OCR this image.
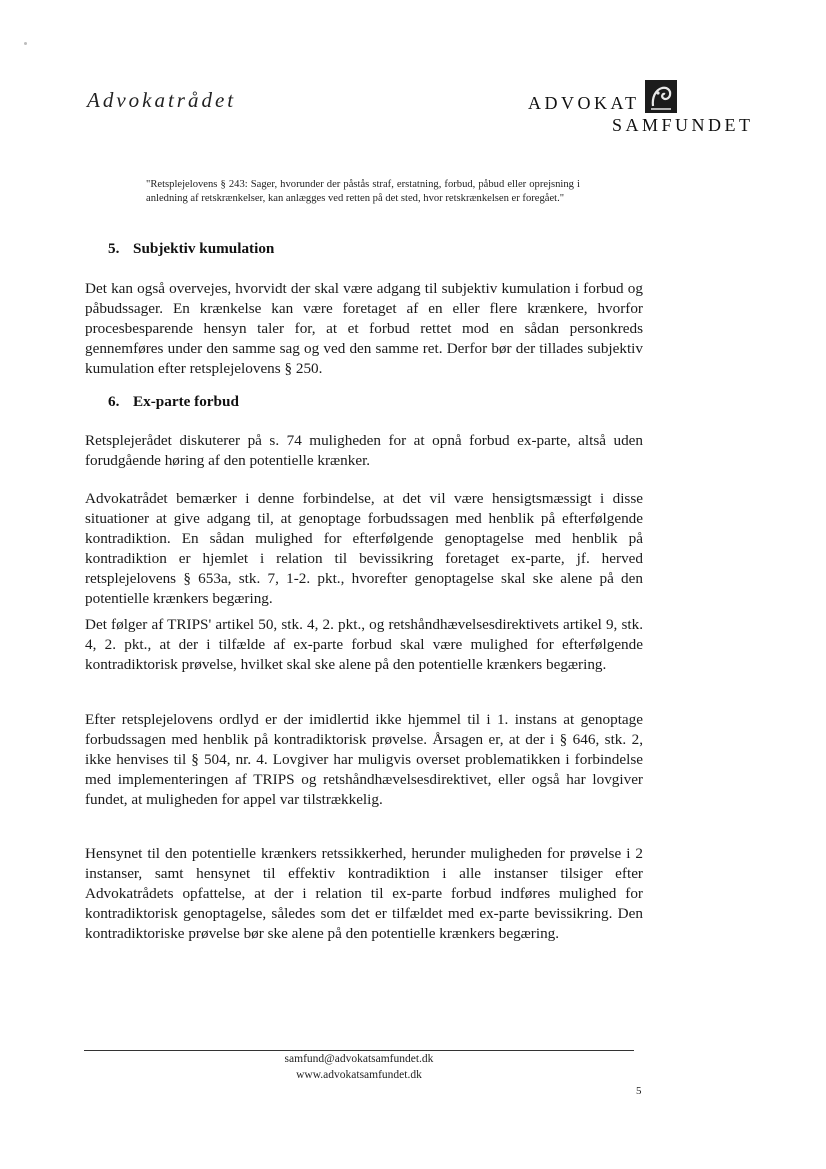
Advokatrådet	ADVOKAT
SAMFUNDET
"Retsplejelovens § 243: Sager, hvorunder der påstås straf, erstatning, forbud, påbud eller oprejsning i anledning af retskrænkelser, kan anlægges ved retten på det sted, hvor retskrænkelsen er foregået."
5. Subjektiv kumulation
Det kan også overvejes, hvorvidt der skal være adgang til subjektiv kumulation i forbud og påbudssager. En krænkelse kan være foretaget af en eller flere krænkere, hvorfor procesbesparende hensyn taler for, at et forbud rettet mod en sådan personkreds gennemføres under den samme sag og ved den samme ret. Derfor bør der tillades subjektiv kumulation efter retsplejelovens § 250.
6. Ex-parte forbud
Retsplejerådet diskuterer på s. 74 muligheden for at opnå forbud ex-parte, altså uden forudgående høring af den potentielle krænker.
Advokatrådet bemærker i denne forbindelse, at det vil være hensigtsmæssigt i disse situationer at give adgang til, at genoptage forbudssagen med henblik på efterfølgende kontradiktion. En sådan mulighed for efterfølgende genoptagelse med henblik på kontradiktion er hjemlet i relation til bevissikring foretaget ex-parte, jf. herved retsplejelovens § 653a, stk. 7, 1-2. pkt., hvorefter genoptagelse skal ske alene på den potentielle krænkers begæring.
Det følger af TRIPS' artikel 50, stk. 4, 2. pkt., og retshåndhævelsesdirektivets artikel 9, stk. 4, 2. pkt., at der i tilfælde af ex-parte forbud skal være mulighed for efterfølgende kontradiktorisk prøvelse, hvilket skal ske alene på den potentielle krænkers begæring.
Efter retsplejelovens ordlyd er der imidlertid ikke hjemmel til i 1. instans at genoptage forbudssagen med henblik på kontradiktorisk prøvelse. Årsagen er, at der i § 646, stk. 2, ikke henvises til § 504, nr. 4. Lovgiver har muligvis overset problematikken i forbindelse med implementeringen af TRIPS og retshåndhævelsesdirektivet, eller også har lovgiver fundet, at muligheden for appel var tilstrækkelig.
Hensynet til den potentielle krænkers retssikkerhed, herunder muligheden for prøvelse i 2 instanser, samt hensynet til effektiv kontradiktion i alle instanser tilsiger efter Advokatrådets opfattelse, at der i relation til ex-parte forbud indføres mulighed for kontradiktorisk genoptagelse, således som det er tilfældet med ex-parte bevissikring. Den kontradiktoriske prøvelse bør ske alene på den potentielle krænkers begæring.
samfund@advokatsamfundet.dk
www.advokatsamfundet.dk
5
